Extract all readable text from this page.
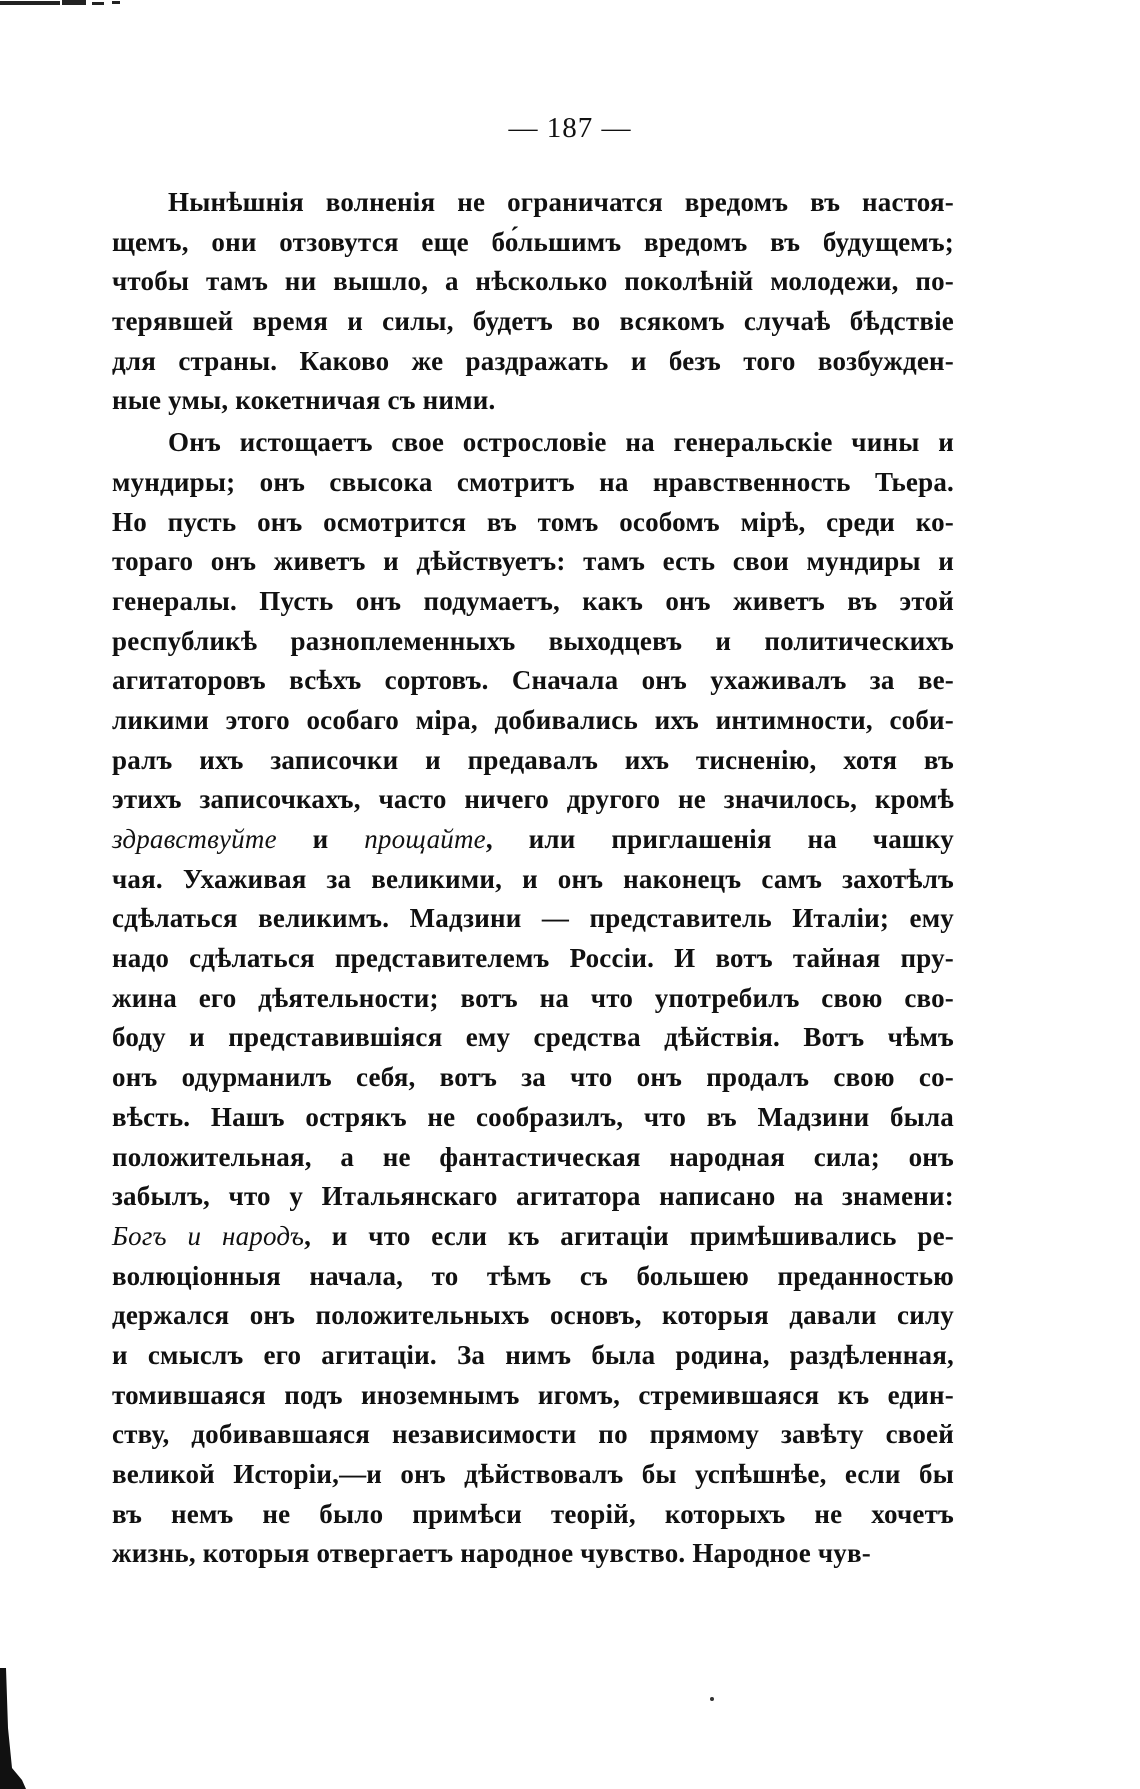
— 187 —
Нынѣшнія волненія не ограничатся вредомъ въ настоя-
щемъ, они отзовутся еще бо́льшимъ вредомъ въ будущемъ;
чтобы тамъ ни вышло, а нѣсколько поколѣній молодежи, по-
терявшей время и силы, будетъ во всякомъ случаѣ бѣдствіе
для страны. Каково же раздражать и безъ того возбужден-
ные умы, кокетничая съ ними.
Онъ истощаетъ свое острословіе на генеральскіе чины и
мундиры; онъ свысока смотритъ на нравственность Тьера.
Но пусть онъ осмотрится въ томъ особомъ мірѣ, среди ко-
тораго онъ живетъ и дѣйствуетъ: тамъ есть свои мундиры и
генералы. Пусть онъ подумаетъ, какъ онъ живетъ въ этой
республикѣ разноплеменныхъ выходцевъ и политическихъ
агитаторовъ всѣхъ сортовъ. Сначала онъ ухаживалъ за ве-
ликими этого особаго міра, добивались ихъ интимности, соби-
ралъ ихъ записочки и предавалъ ихъ тисненію, хотя въ
этихъ записочкахъ, часто ничего другого не значилось, кромѣ
здравствуйте и прощайте, или приглашенія на чашку
чая. Ухаживая за великими, и онъ наконецъ самъ захотѣлъ
сдѣлаться великимъ. Мадзини — представитель Италіи; ему
надо сдѣлаться представителемъ Россіи. И вотъ тайная пру-
жина его дѣятельности; вотъ на что употребилъ свою сво-
боду и представившіяся ему средства дѣйствія. Вотъ чѣмъ
онъ одурманилъ себя, вотъ за что онъ продалъ свою со-
вѣсть. Нашъ острякъ не сообразилъ, что въ Мадзини была
положительная, а не фантастическая народная сила; онъ
забылъ, что у Итальянскаго агитатора написано на знамени:
Богъ и народъ, и что если къ агитаціи примѣшивались ре-
волюціонныя начала, то тѣмъ съ большею преданностью
держался онъ положительныхъ основъ, которыя давали силу
и смыслъ его агитаціи. За нимъ была родина, раздѣленная,
томившаяся подъ иноземнымъ игомъ, стремившаяся къ един-
ству, добивавшаяся независимости по прямому завѣту своей
великой Исторіи,—и онъ дѣйствовалъ бы успѣшнѣе, если бы
въ немъ не было примѣси теорій, которыхъ не хочетъ
жизнь, которыя отвергаетъ народное чувство. Народное чув-
